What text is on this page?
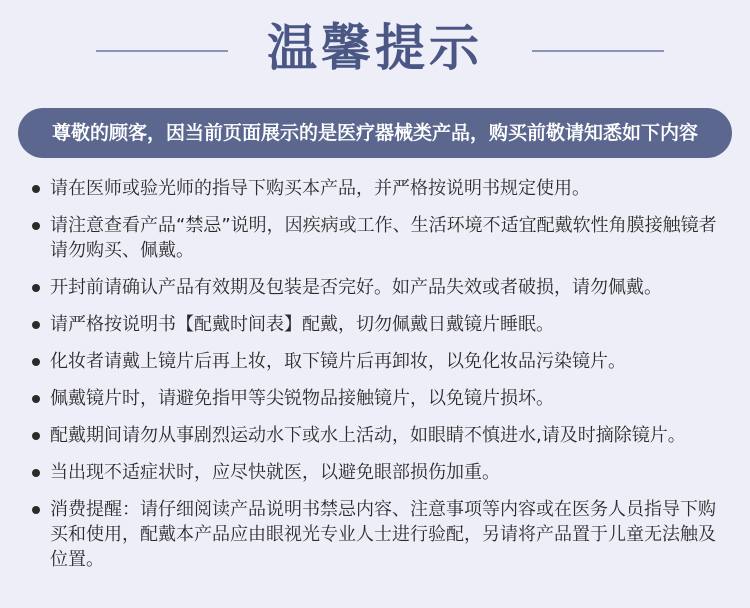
温馨提示
尊敬的顾客，因当前页面展示的是医疗器械类产品，购买前敬请知悉如下内容
请在医师或验光师的指导下购买本产品，并严格按说明书规定使用。
请注意查看产品“禁忌”说明，因疾病或工作、生活环境不适宜配戴软性角膜接触镜者请勿购买、佩戴。
开封前请确认产品有效期及包装是否完好。如产品失效或者破损，请勿佩戴。
请严格按说明书【配戴时间表】配戴，切勿佩戴日戴镜片睡眠。
化妆者请戴上镜片后再上妆，取下镜片后再卸妆，以免化妆品污染镜片。
佩戴镜片时，请避免指甲等尖锐物品接触镜片，以免镜片损坏。
配戴期间请勿从事剧烈运动水下或水上活动，如眼睛不慎进水,请及时摘除镜片。
当出现不适症状时，应尽快就医，以避免眼部损伤加重。
消费提醒：请仔细阅读产品说明书禁忌内容、注意事项等内容或在医务人员指导下购买和使用，配戴本产品应由眼视光专业人士进行验配，另请将产品置于儿童无法触及位置。
